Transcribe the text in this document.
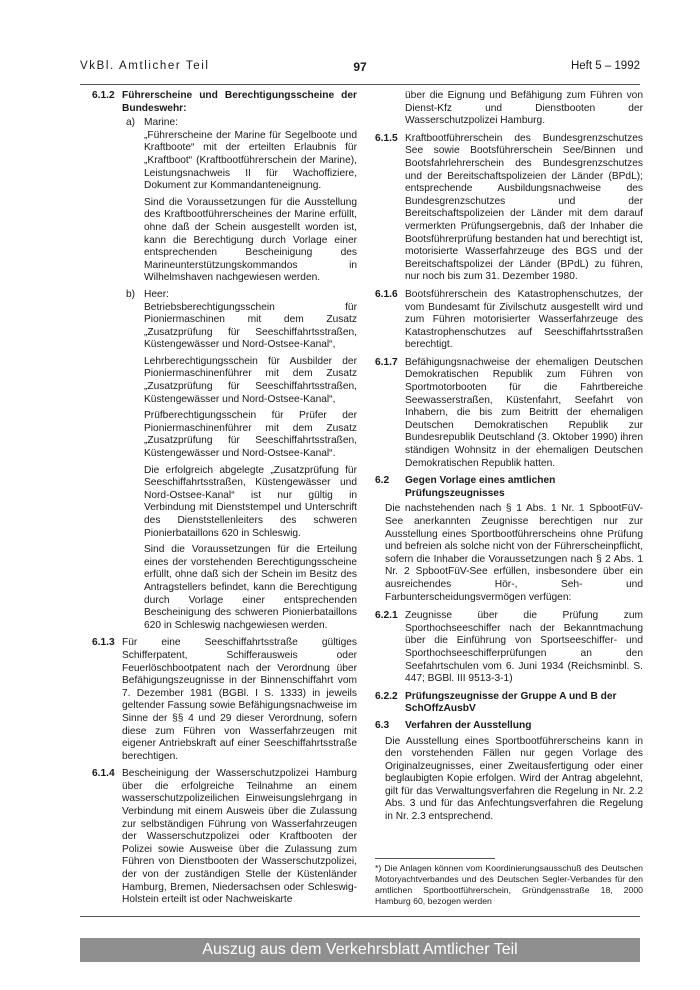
VkBl. Amtlicher Teil	97	Heft 5 – 1992
6.1.2 Führerscheine und Berechtigungsscheine der Bundeswehr:
a) Marine:

„Führerscheine der Marine für Segelboote und Kraftboote“ mit der erteilten Erlaubnis für „Kraftboot“ (Kraftbootführerschein der Marine), Leistungsnachweis II für Wachoffiziere, Dokument zur Kommandanteneignung.

Sind die Voraussetzungen für die Ausstellung des Kraftbootführerscheines der Marine erfüllt, ohne daß der Schein ausgestellt worden ist, kann die Berechtigung durch Vorlage einer entsprechenden Bescheinigung des Marineunterstützungskommandos in Wilhelmshaven nachgewiesen werden.

b) Heer:

Betriebsberechtigungsschein für Pioniermaschinen mit dem Zusatz „Zusatzprüfung für Seeschiffahrtsstraßen, Küstengewässer und Nord-Ostsee-Kanal“,

Lehrberechtigungsschein für Ausbilder der Pioniermaschinenführer mit dem Zusatz „Zusatzprüfung für Seeschiffahrtsstraßen, Küstengewässer und Nord-Ostsee-Kanal“,

Prüfberechtigungsschein für Prüfer der Pioniermaschinenführer mit dem Zusatz „Zusatzprüfung für Seeschiffahrtsstraßen, Küstengewässer und Nord-Ostsee-Kanal“.

Die erfolgreich abgelegte „Zusatzprüfung für Seeschiffahrtsstraßen, Küstengewässer und Nord-Ostsee-Kanal“ ist nur gültig in Verbindung mit Dienststempel und Unterschrift des Dienststellenleiters des schweren Pionierbataillons 620 in Schleswig.

Sind die Voraussetzungen für die Erteilung eines der vorstehenden Berechtigungsscheine erfüllt, ohne daß sich der Schein im Besitz des Antragstellers befindet, kann die Berechtigung durch Vorlage einer entsprechenden Bescheinigung des schweren Pionierbataillons 620 in Schleswig nachgewiesen werden.

6.1.3 Für eine Seeschiffahrtsstraße gültiges Schifferpatent, Schifferausweis oder Feuerlöschbootpatent nach der Verordnung über Befähigungszeugnisse in der Binnenschiffahrt vom 7. Dezember 1981 (BGBl. I S. 1333) in jeweils geltender Fassung sowie Befähigungsnachweise im Sinne der §§ 4 und 29 dieser Verordnung, sofern diese zum Führen von Wasserfahrzeugen mit eigener Antriebskraft auf einer Seeschiffahrtsstraße berechtigen.
6.1.4 Bescheinigung der Wasserschutzpolizei Hamburg über die erfolgreiche Teilnahme an einem wasserschutzpolizeilichen Einweisungslehrgang in Verbindung mit einem Ausweis über die Zulassung zur selbständigen Führung von Wasserfahrzeugen der Wasserschutzpolizei oder Kraftbooten der Polizei sowie Ausweise über die Zulassung zum Führen von Dienstbooten der Wasserschutzpolizei, der von der zuständigen Stelle der Küstenländer Hamburg, Bremen, Niedersachsen oder Schleswig-Holstein erteilt ist oder Nachweiskarte
über die Eignung und Befähigung zum Führen von Dienst-Kfz und Dienstbooten der Wasserschutzpolizei Hamburg.
6.1.5 Kraftbootführerschein des Bundesgrenzschutzes See sowie Bootsführerschein See/Binnen und Bootsfahrlehrerschein des Bundesgrenzschutzes und der Bereitschaftspolizeien der Länder (BPdL); entsprechende Ausbildungsnachweise des Bundesgrenzschutzes und der Bereitschaftspolizeien der Länder mit dem darauf vermerkten Prüfungsergebnis, daß der Inhaber die Bootsführerprüfung bestanden hat und berechtigt ist, motorisierte Wasserfahrzeuge des BGS und der Bereitschaftspolizei der Länder (BPdL) zu führen, nur noch bis zum 31. Dezember 1980.
6.1.6 Bootsführerschein des Katastrophenschutzes, der vom Bundesamt für Zivilschutz ausgestellt wird und zum Führen motorisierter Wasserfahrzeuge des Katastrophenschutzes auf Seeschiffahrtsstraßen berechtigt.
6.1.7 Befähigungsnachweise der ehemaligen Deutschen Demokratischen Republik zum Führen von Sportmotorbooten für die Fahrtbereiche Seewasserstraßen, Küstenfahrt, Seefahrt von Inhabern, die bis zum Beitritt der ehemaligen Deutschen Demokratischen Republik zur Bundesrepublik Deutschland (3. Oktober 1990) ihren ständigen Wohnsitz in der ehemaligen Deutschen Demokratischen Republik hatten.
6.2 Gegen Vorlage eines amtlichen Prüfungszeugnisses
Die nachstehenden nach § 1 Abs. 1 Nr. 1 SpbootFüV-See anerkannten Zeugnisse berechtigen nur zur Ausstellung eines Sportbootführerscheins ohne Prüfung und befreien als solche nicht von der Führerscheinpflicht, sofern die Inhaber die Voraussetzungen nach § 2 Abs. 1 Nr. 2 SpbootFüV-See erfüllen, insbesondere über ein ausreichendes Hör-, Seh- und Farbunterscheidungsvermögen verfügen:
6.2.1 Zeugnisse über die Prüfung zum Sporthochseeschiffer nach der Bekanntmachung über die Einführung von Sportseeschiffer- und Sporthochseeschifferprüfungen an den Seefahrtschulen vom 6. Juni 1934 (Reichsminbl. S. 447; BGBl. III 9513-3-1)
6.2.2 Prüfungszeugnisse der Gruppe A und B der SchOffzAusbV
6.3 Verfahren der Ausstellung
Die Ausstellung eines Sportbootführerscheins kann in den vorstehenden Fällen nur gegen Vorlage des Originalzeugnisses, einer Zweitausfertigung oder einer beglaubigten Kopie erfolgen. Wird der Antrag abgelehnt, gilt für das Verwaltungsverfahren die Regelung in Nr. 2.2 Abs. 3 und für das Anfechtungsverfahren die Regelung in Nr. 2.3 entsprechend.
*) Die Anlagen können vom Koordinierungsausschuß des Deutschen Motoryachtverbandes und des Deutschen Segler-Verbandes für den amtlichen Sportbootführerschein, Gründgensstraße 18, 2000 Hamburg 60, bezogen werden
Auszug aus dem Verkehrsblatt Amtlicher Teil
